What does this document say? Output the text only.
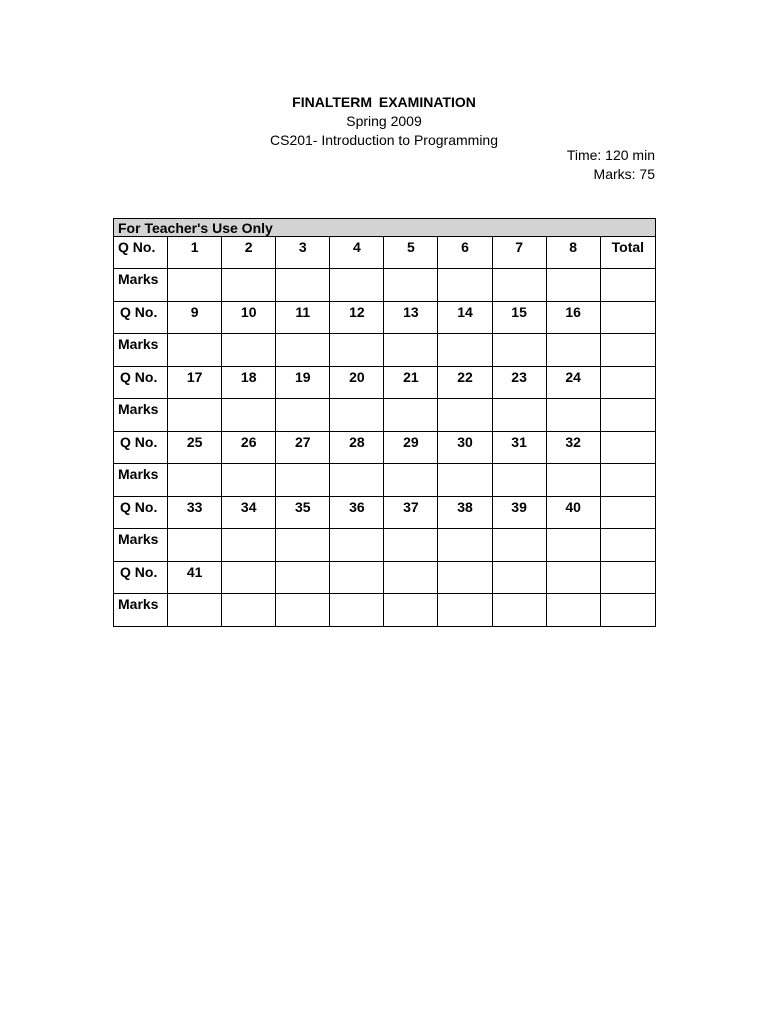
FINALTERM EXAMINATION
Spring 2009
CS201- Introduction to Programming
Time: 120 min
Marks: 75
For Teacher's Use Only									
Q No.	1	2	3	4	5	6	7	8	Total
Marks									
Q No.	9	10	11	12	13	14	15	16	
Marks									
Q No.	17	18	19	20	21	22	23	24	
Marks									
Q No.	25	26	27	28	29	30	31	32	
Marks									
Q No.	33	34	35	36	37	38	39	40	
Marks									
Q No.	41								
Marks									
